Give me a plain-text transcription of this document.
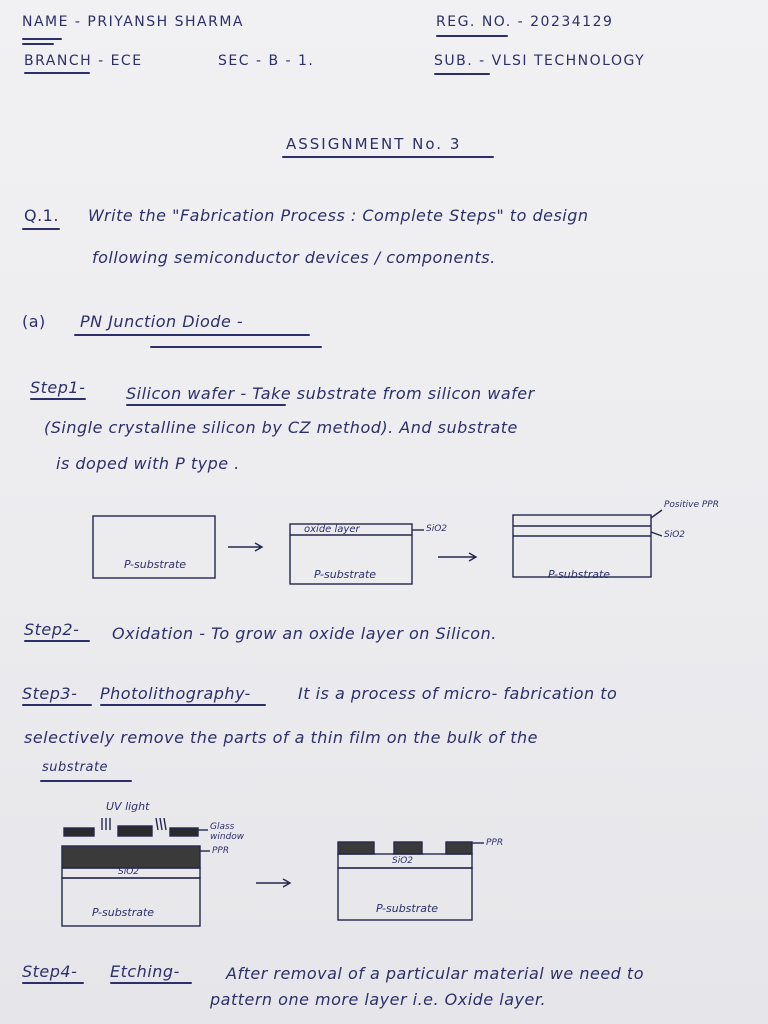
NAME - PRIYANSH SHARMA	REG. NO. - 20234129
BRANCH - ECE	SEC - B - 1.	SUB. - VLSI TECHNOLOGY
ASSIGNMENT No. 3
Q.1. Write the "Fabrication Process : Complete Steps" to design
following semiconductor devices / components.
(a) PN Junction Diode -
Step1-	Silicon wafer - Take substrate from silicon wafer
(Single crystalline silicon by CZ method). And substrate
is doped with P type .
P-substrate
oxide layer	SiO2
P-substrate
Positive PPR
SiO2
P-substrate
Step2- Oxidation - To grow an oxide layer on Silicon.
Step3- Photolithography-	It is a process of micro- fabrication to
selectively remove the parts of a thin film on the bulk of the
substrate
UV light
Glass window
PPR
SiO2
P-substrate
PPR
SiO2
P-substrate
Step4- Etching-	After removal of a particular material we need to
pattern one more layer i.e. Oxide layer.
